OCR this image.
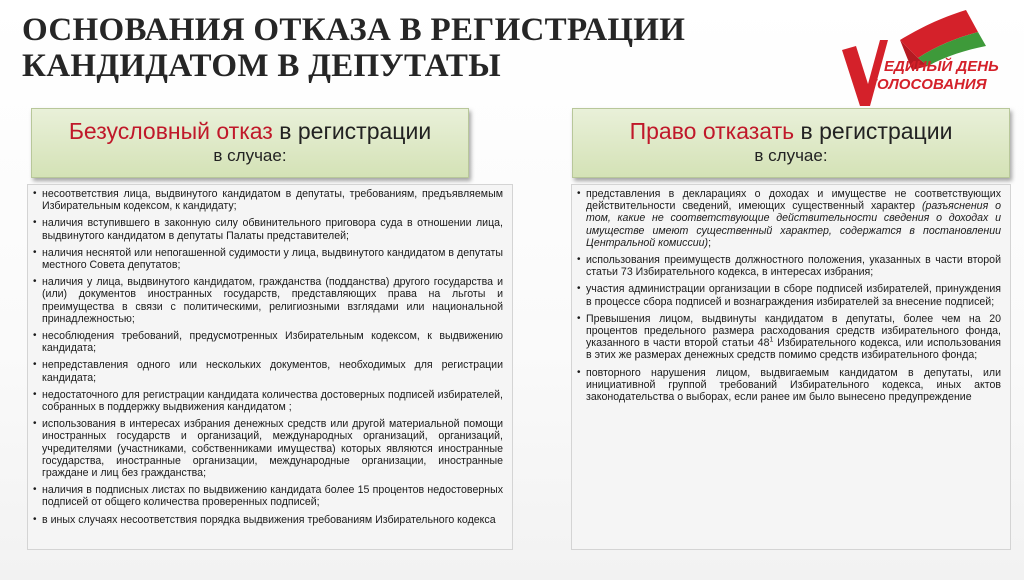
ОСНОВАНИЯ ОТКАЗА В РЕГИСТРАЦИИ
КАНДИДАТОМ В ДЕПУТАТЫ	ЕДИНЫЙ ДЕНЬ
ГОЛОСОВАНИЯ
Безусловный отказ в регистрации
в случае:
Право отказать в регистрации
в случае:
• несоответствия лица, выдвинутого кандидатом в депутаты, требованиям, предъявляемым Избирательным кодексом, к кандидату;
• наличия вступившего в законную силу обвинительного приговора суда в отношении лица, выдвинутого кандидатом в депутаты Палаты представителей;
• наличия неснятой или непогашенной судимости у лица, выдвинутого кандидатом в депутаты местного Совета депутатов;
• наличия у лица, выдвинутого кандидатом, гражданства (подданства) другого государства и (или) документов иностранных государств, представляющих права на льготы и преимущества в связи с политическими, религиозными взглядами или национальной принадлежностью;
• несоблюдения требований, предусмотренных Избирательным кодексом, к выдвижению кандидата;
• непредставления одного или нескольких документов, необходимых для регистрации кандидата;
• недостаточного для регистрации кандидата количества достоверных подписей избирателей, собранных в поддержку выдвижения кандидатом ;
• использования в интересах избрания денежных средств или другой материальной помощи иностранных государств и организаций, международных организаций, организаций, учредителями (участниками, собственниками имущества) которых являются иностранные государства, иностранные организации, международные организации, иностранные граждане и лиц без гражданства;
• наличия в подписных листах по выдвижению кандидата более 15 процентов недостоверных подписей от общего количества проверенных подписей;
• в иных случаях несоответствия порядка выдвижения требованиям Избирательного кодекса
• представления в декларациях о доходах и имуществе не соответствующих действительности сведений, имеющих существенный характер (разъяснения о том, какие не соответствующие действительности сведения о доходах и имуществе имеют существенный характер, содержатся в постановлении Центральной комиссии);
• использования преимуществ должностного положения, указанных в части второй статьи 73 Избирательного кодекса, в интересах избрания;
• участия администрации организации в сборе подписей избирателей, принуждения в процессе сбора подписей и вознаграждения избирателей за внесение подписей;
• Превышения лицом, выдвинуты кандидатом в депутаты, более чем на 20 процентов предельного размера расходования средств избирательного фонда, указанного в части второй статьи $48^1$ Избирательного кодекса, или использования в этих же размерах денежных средств помимо средств избирательного фонда;
• повторного нарушения лицом, выдвигаемым кандидатом в депутаты, или инициативной группой требований Избирательного кодекса, иных актов законодательства о выборах, если ранее им было вынесено предупреждение
